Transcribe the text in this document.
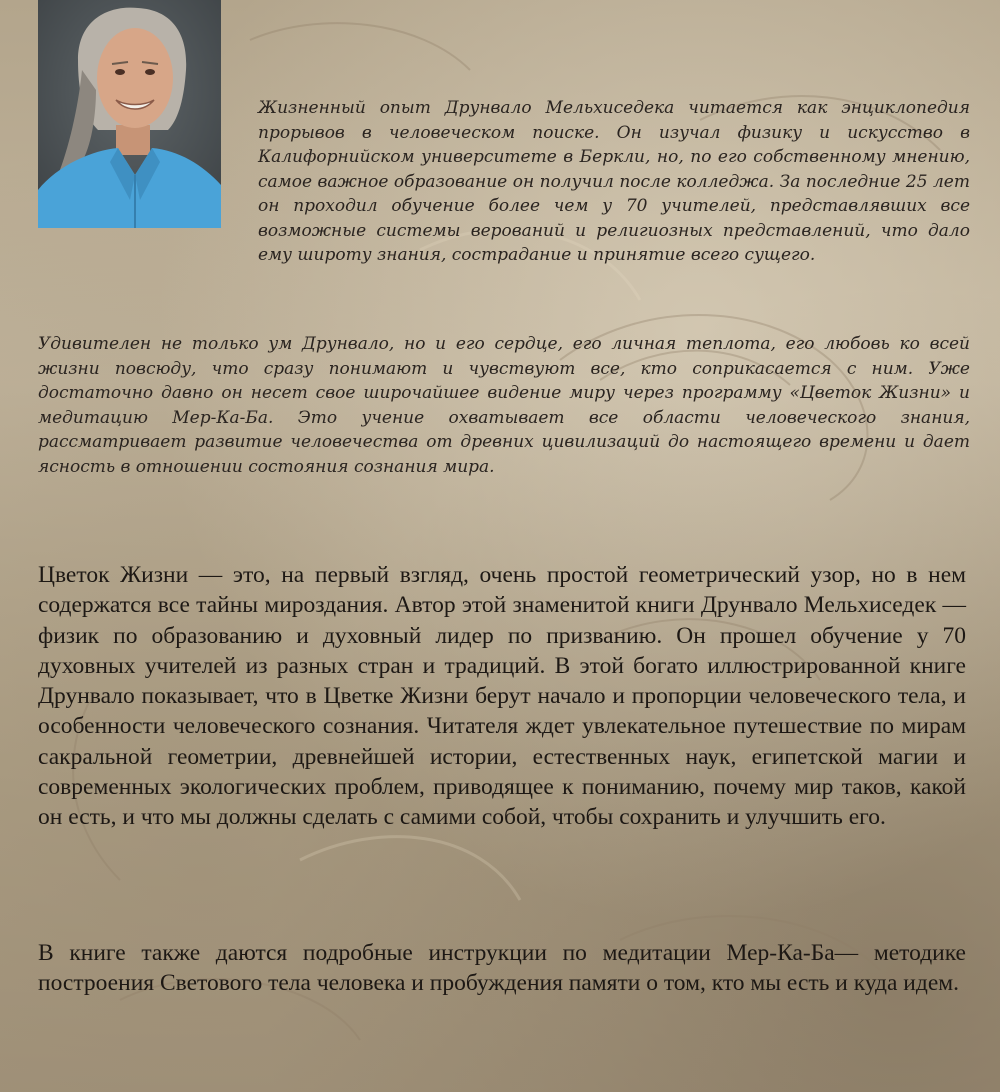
Жизненный опыт Друнвало Мельхиседека читается как энциклопедия прорывов в человеческом поиске. Он изучал физику и искусство в Калифорнийском университете в Беркли, но, по его собственному мнению, самое важное образование он получил после колледжа. За последние 25 лет он проходил обучение более чем у 70 учителей, представлявших все возможные системы верований и религиозных представлений, что дало ему широту знания, сострадание и принятие всего сущего.

Удивителен не только ум Друнвало, но и его сердце, его личная теплота, его любовь ко всей жизни повсюду, что сразу понимают и чувствуют все, кто соприкасается с ним. Уже достаточно давно он несет свое широчайшее видение миру через программу «Цветок Жизни» и медитацию Мер-Ка-Ба. Это учение охватывает все области человеческого знания, рассматривает развитие человечества от древних цивилизаций до настоящего времени и дает ясность в отношении состояния сознания мира.

Цветок Жизни — это, на первый взгляд, очень простой геометрический узор, но в нем содержатся все тайны мироздания. Автор этой знаменитой книги Друнвало Мельхиседек — физик по образованию и духовный лидер по призванию. Он прошел обучение у 70 духовных учителей из разных стран и традиций. В этой богато иллюстрированной книге Друнвало показывает, что в Цветке Жизни берут начало и пропорции человеческого тела, и особенности человеческого сознания. Читателя ждет увлекательное путешествие по мирам сакральной геометрии, древнейшей истории, естественных наук, египетской магии и современных экологических проблем, приводящее к пониманию, почему мир таков, какой он есть, и что мы должны сделать с самими собой, чтобы сохранить и улучшить его.

В книге также даются подробные инструкции по медитации Мер-Ка-Ба— методике построения Светового тела человека и пробуждения памяти о том, кто мы есть и куда идем.
